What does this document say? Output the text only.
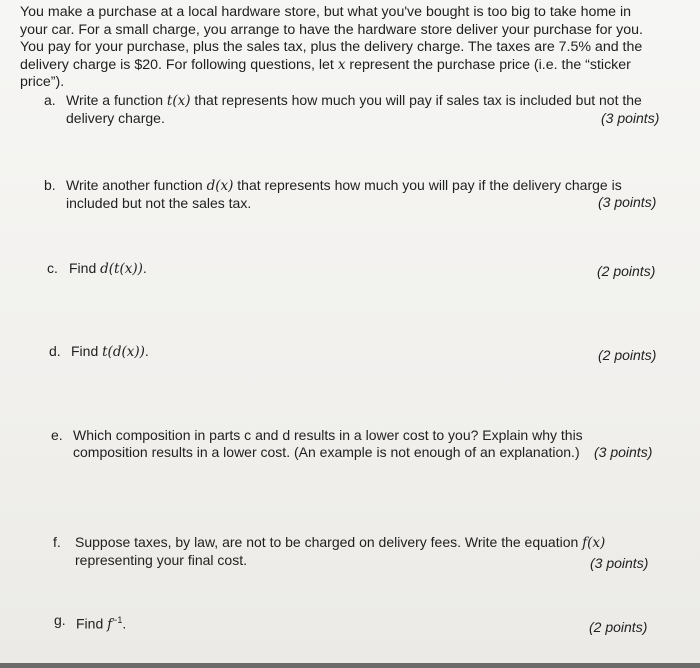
You make a purchase at a local hardware store, but what you've bought is too big to take home in
your car. For a small charge, you arrange to have the hardware store deliver your purchase for you.
You pay for your purchase, plus the sales tax, plus the delivery charge. The taxes are 7.5% and the
delivery charge is $20. For following questions, let x represent the purchase price (i.e. the “sticker
price”).
a. Write a function t(x) that represents how much you will pay if sales tax is included but not the
delivery charge.	(3 points)
b. Write another function d(x) that represents how much you will pay if the delivery charge is
included but not the sales tax.	(3 points)
c. Find d(t(x)).	(2 points)
d. Find t(d(x)).	(2 points)
e. Which composition in parts c and d results in a lower cost to you? Explain why this
composition results in a lower cost. (An example is not enough of an explanation.)	(3 points)
f. Suppose taxes, by law, are not to be charged on delivery fees. Write the equation f(x)
representing your final cost.	(3 points)
g. Find $f^{-1}$.	(2 points)
